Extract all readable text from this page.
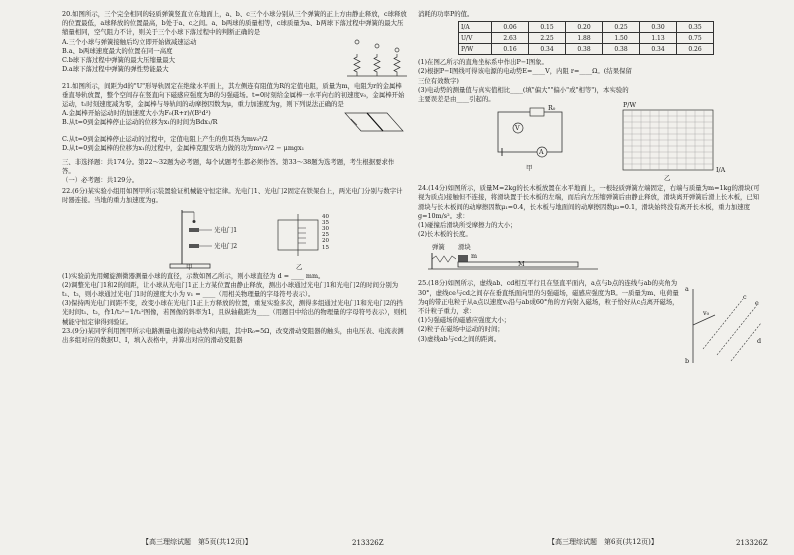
20.如图所示，三个完全相同的轻质弹簧竖直立在地面上，a、b、c三个小球分别从三个弹簧的正上方由静止释放，c球释放的位置最低，a球释放的位置最高，b处于a、c之间。a、b两球的质量相等，c球质量为a、b两球下落过程中弹簧的最大压缩量相同，空气阻力不计，则关于三个小球下落过程中的判断正确的是

A.三个小球与弹簧接触后均立即开始做减速运动

B.a、b两球速度最大的位置在同一高度

C.b球下落过程中弹簧的最大压缩量最大

D.a球下落过程中弹簧的弹性势能最大

21.如图所示，间距为d的"U"形导轨固定在绝缘水平面上，其左侧连有阻值为R的定值电阻，质量为m，电阻为r的金属棒垂直导轨放置，整个空间存在竖直向下磁感应强度为B的匀强磁场。t=0时刻给金属棒一水平向右的初速度v₀，金属棒开始运动，t₁时刻速度减为零，金属棒与导轨间的动摩擦因数为μ，重力加速度为g，则下列说法正确的是

A.金属棒开始运动时的加速度大小为F₀(R+r)/(B²d²)

B.从t=0到金属棒停止运动的位移为x₁的时间为Bdx₁/R

C.从t=0到金属棒停止运动的过程中，定值电阻上产生的焦耳热为mv₀²/2

D.从t=0到金属棒的位移为x₁的过程中，金属棒克服安培力做的功为mv₀²/2 − μmgx₁

三、非选择题：共174分。第22～32题为必考题，每个试题考生都必须作答。第33～38题为选考题，考生根据要求作答。

（一）必考题：共129分。

22.(6分)某实验小组用如图甲所示装置验证机械能守恒定律。光电门1、光电门2固定在铁架台上，两光电门分别与数字计时器连接。当地的重力加速度为g。

光电门1
光电门2
甲
40
35
30
25
20
15
乙

(1)实验前先用螺旋测微器测量小球的直径，示数如图乙所示，则小球直径为 d = ____ mm。

(2)调整光电门1和2的间距，让小球从光电门1正上方某位置由静止释放，测出小球通过光电门1和光电门2的时间分别为t₁、t₂，则小球通过光电门1时的速度大小为 v₁ = ____（用相关物理量的字母符号表示）。

(3)保持两光电门间距不变，改变小球在光电门1正上方释放的位置，重复实验多次，测得多组通过光电门1和光电门2的挡光时间t₁、t₂，作1/t₂²−1/t₁²图像，若图像的斜率为1，且纵轴截距为____（用题目中给出的物理量的字母符号表示），则机械能守恒定律得到验证。

23.(9分)某同学利用图甲所示电路测量电源的电动势和内阻，其中R₀=5Ω，改变滑动变阻器的触头，由电压表、电流表测出多组对应的数据U、I，填入表格中，并算出对应的滑动变阻器

【高三理综试题　第5页(共12页)】	213326Z

消耗的功率P的值。

I/A	0.06	0.15	0.20	0.25	0.30	0.35
U/V	2.63	2.25	1.88	1.50	1.13	0.75
P/W	0.16	0.34	0.38	0.38	0.34	0.26

(1)在图乙所示的直角坐标系中作出P−I图象。

(2)根据P−I图线可得该电源的电动势E=____V，内阻 r=____Ω。(结果保留三位有效数字)

(3)电动势的测量值与真实值相比____(填"偏大""偏小"或"相等")，本实验的主要误差是由____引起的。

V
A
R₀
甲
P/W
I/A
乙

24.(14分)如图所示，质量M=2kg的长木板放置在水平地面上，一根轻质弹簧左端固定，右端与质量为m=1kg的滑块(可视为质点)接触但不连接，将滑块置于长木板的左端，而后向左压缩弹簧后由静止释放，滑块离开弹簧后滑上长木板，已知滑块与长木板间的动摩擦因数μ₁=0.4，长木板与地面间的动摩擦因数μ₂=0.1，滑块始终没有离开长木板，重力加速度g=10m/s²。求：

(1)碰撞后滑块所受摩擦力的大小；

(2)长木板的长度。

弹簧 滑块
m
M

25.(18分)如图所示，虚线ab、cd相互平行且在竖直平面内，a点与b点的连线与ab的夹角为30°，虚线ce与cd之间存在垂直纸面向里的匀强磁场，磁感应强度为B。一质量为m、电荷量为q的带正电粒子从a点以速度v₀沿与ab成60°角的方向射入磁场，粒子恰好从c点离开磁场，不计粒子重力，求：

(1)匀强磁场的磁感应强度大小；

(2)粒子在磁场中运动的时间；

(3)虚线ab与cd之间的距离。

a
b
c
d
e
v₀
【高三理综试题　第6页(共12页)】	213326Z
